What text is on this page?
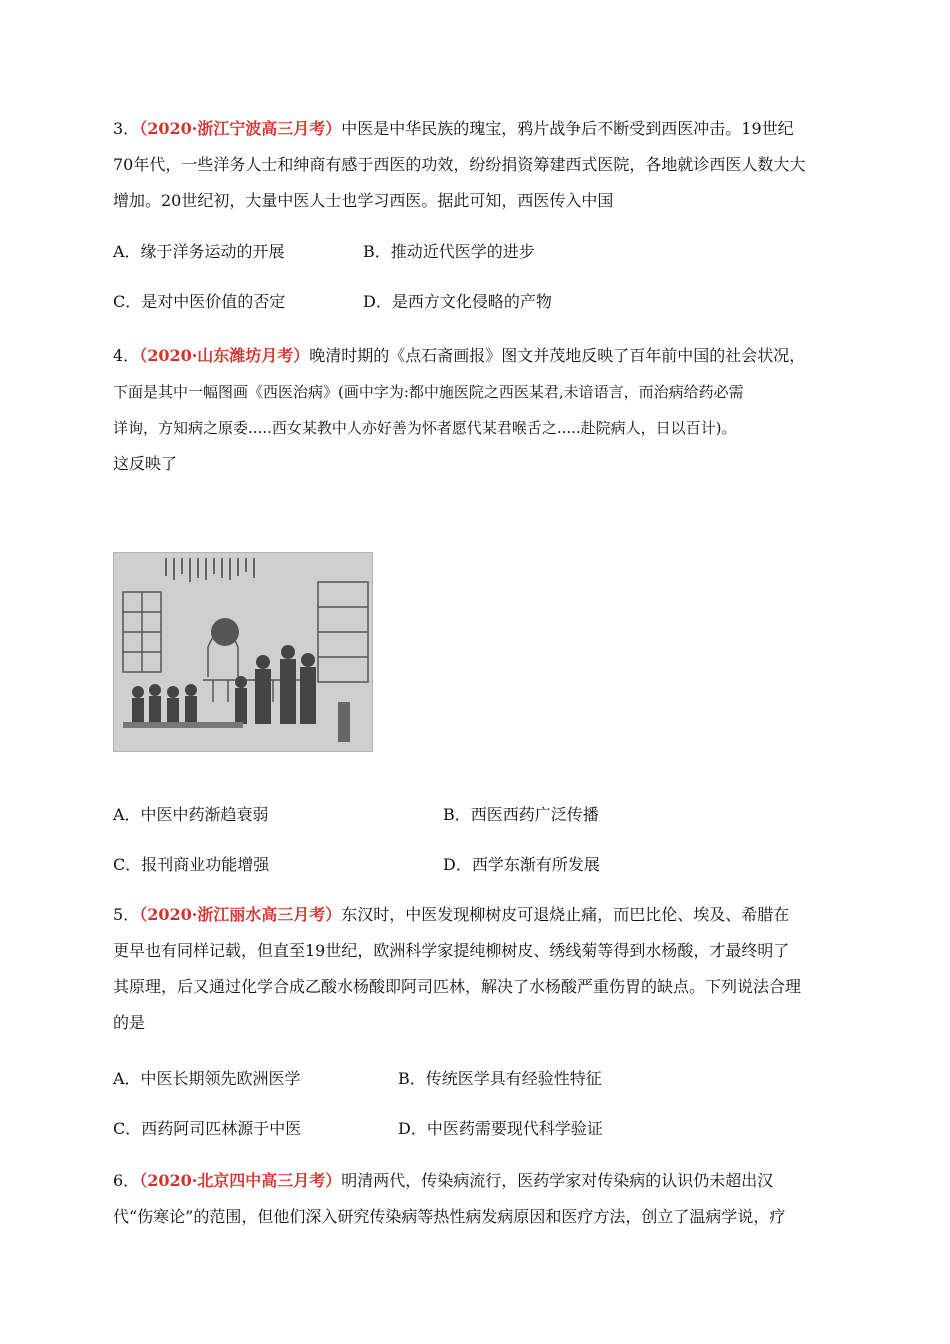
3．（2020·浙江宁波高三月考）中医是中华民族的瑰宝，鸦片战争后不断受到西医冲击。19世纪
70年代，一些洋务人士和绅商有感于西医的功效，纷纷捐资筹建西式医院，各地就诊西医人数大大
增加。20世纪初，大量中医人士也学习西医。据此可知，西医传入中国
A．缘于洋务运动的开展	B．推动近代医学的进步
C．是对中医价值的否定	D．是西方文化侵略的产物
4．（2020·山东潍坊月考）晚清时期的《点石斋画报》图文并茂地反映了百年前中国的社会状况，
下面是其中一幅图画《西医治病》(画中字为:都中施医院之西医某君,未谙语言，而治病给药必需
详询，方知病之原委.....西女某教中人亦好善为怀者愿代某君喉舌之.....赴院病人，日以百计)。
这反映了
A．中医中药渐趋衰弱	B．西医西药广泛传播
C．报刊商业功能增强	D．西学东渐有所发展
5．（2020·浙江丽水高三月考）东汉时，中医发现柳树皮可退烧止痛，而巴比伦、埃及、希腊在
更早也有同样记载，但直至19世纪，欧洲科学家提纯柳树皮、绣线菊等得到水杨酸，才最终明了
其原理，后又通过化学合成乙酸水杨酸即阿司匹林，解决了水杨酸严重伤胃的缺点。下列说法合理
的是
A．中医长期领先欧洲医学	B．传统医学具有经验性特征
C．西药阿司匹林源于中医	D．中医药需要现代科学验证
6．（2020·北京四中高三月考）明清两代，传染病流行，医药学家对传染病的认识仍未超出汉
代“伤寒论”的范围，但他们深入研究传染病等热性病发病原因和医疗方法，创立了温病学说，疗
